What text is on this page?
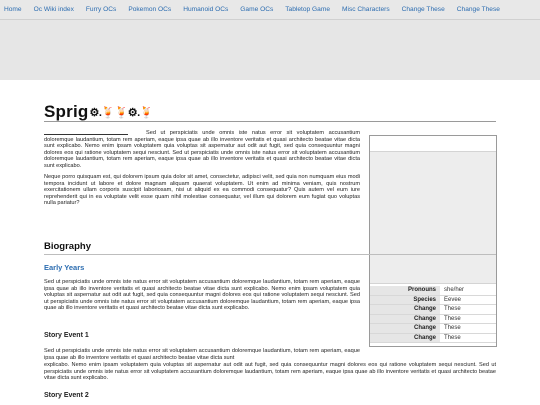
Home Oc Wiki index Furry OCs Pokemon OCs Humanoid OCs Game OCs Tabletop Game Misc Characters Change These Change These
Sprig ⚙.🍹🍹⚙.🍹

Sed ut perspiciatis unde omnis iste natus error sit voluptatem accusantium doloremque laudantium, totam rem aperiam, eaque ipsa quae ab illo inventore veritatis et quasi architecto beatae vitae dicta sunt explicabo. Nemo enim ipsam voluptatem quia voluptas sit aspernatur aut odit aut fugit, sed quia consequuntur magni dolores eos qui ratione voluptatem sequi nesciunt. Sed ut perspiciatis unde omnis iste natus error sit voluptatem accusantium doloremque laudantium, totam rem aperiam, eaque ipsa quae ab illo inventore veritatis et quasi architecto beatae vitae dicta sunt explicabo.

Neque porro quisquam est, qui dolorem ipsum quia dolor sit amet, consectetur, adipisci velit, sed quia non numquam eius modi tempora incidunt ut labore et dolore magnam aliquam quaerat voluptatem. Ut enim ad minima veniam, quis nostrum exercitationem ullam corporis suscipit laboriosam, nisi ut aliquid ex ea commodi consequatur? Quis autem vel eum iure reprehenderit qui in ea voluptate velit esse quam nihil molestiae consequatur, vel illum qui dolorem eum fugiat quo voluptas nulla pariatur?

Pronouns	she/her
Species	Eevee
Change	These
Change	These
Change	These
Change	These
Biography
Early Years

Sed ut perspiciatis unde omnis iste natus error sit voluptatem accusantium doloremque laudantium, totam rem aperiam, eaque ipsa quae ab illo inventore veritatis et quasi architecto beatae vitae dicta sunt explicabo. Nemo enim ipsam voluptatem quia voluptas sit aspernatur aut odit aut fugit, sed quia consequuntur magni dolores eos qui ratione voluptatem sequi nesciunt. Sed ut perspiciatis unde omnis iste natus error sit voluptatem accusantium doloremque laudantium, totam rem aperiam, eaque ipsa quae ab illo inventore veritatis et quasi architecto beatae vitae dicta sunt explicabo.

Story Event 1

Sed ut perspiciatis unde omnis iste natus error sit voluptatem accusantium doloremque laudantium, totam rem aperiam, eaque ipsa quae ab illo inventore veritatis et quasi architecto beatae vitae dicta sunt

explicabo. Nemo enim ipsam voluptatem quia voluptas sit aspernatur aut odit aut fugit, sed quia consequuntur magni dolores eos qui ratione voluptatem sequi nesciunt. Sed ut perspiciatis unde omnis iste natus error sit voluptatem accusantium doloremque laudantium, totam rem aperiam, eaque ipsa quae ab illo inventore veritatis et quasi architecto beatae vitae dicta sunt explicabo.

Story Event 2
